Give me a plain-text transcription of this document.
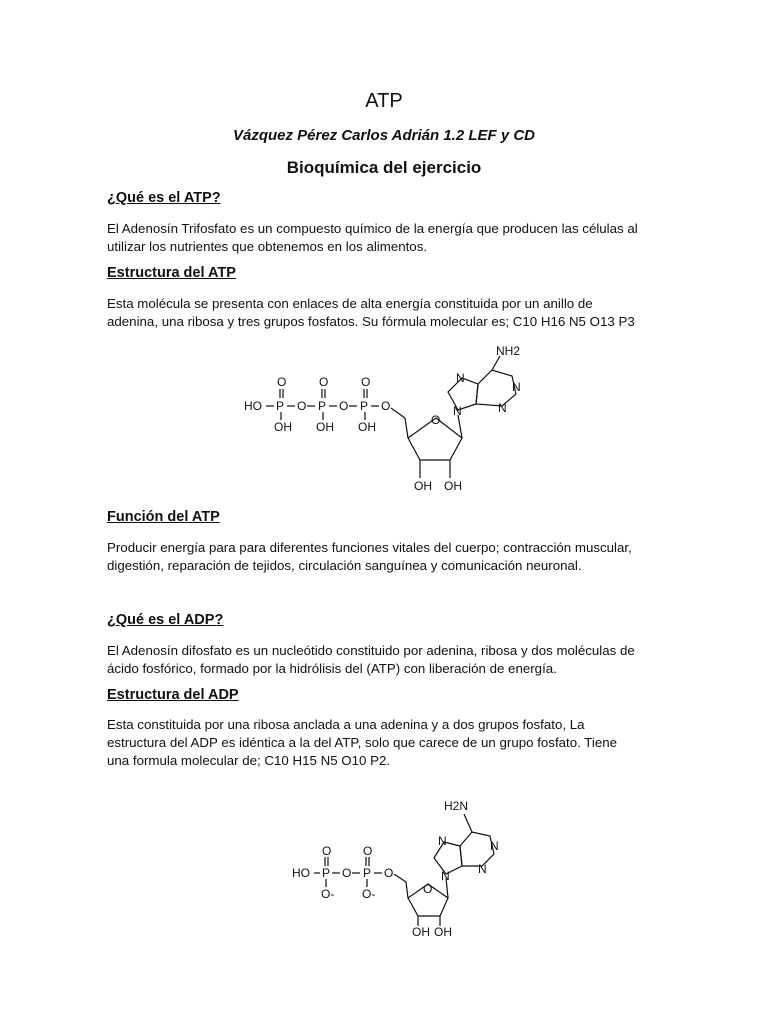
ATP
Vázquez Pérez Carlos Adrián 1.2 LEF y CD
Bioquímica del ejercicio
¿Qué es el ATP?
El Adenosín Trifosfato es un compuesto químico de la energía que producen las células al
utilizar los nutrientes que obtenemos en los alimentos.
Estructura del ATP
Esta molécula se presenta con enlaces de alta energía constituida por un anillo de
adenina, una ribosa y tres grupos fosfatos. Su fórmula molecular es; C10 H16 N5 O13 P3
HO P
O
OH
O P
O
OH
O P
O
OH
O
O
OH OH
N
N
N
N
NH2
Función del ATP
Producir energía para para diferentes funciones vitales del cuerpo; contracción muscular,
digestión, reparación de tejidos, circulación sanguínea y comunicación neuronal.
¿Qué es el ADP?
El Adenosín difosfato es un nucleótido constituido por adenina, ribosa y dos moléculas de
ácido fosfórico, formado por la hidrólisis del (ATP) con liberación de energía.
Estructura del ADP
Esta constituida por una ribosa anclada a una adenina y a dos grupos fosfato, La
estructura del ADP es idéntica a la del ATP, solo que carece de un grupo fosfato. Tiene
una formula molecular de; C10 H15 N5 O10 P2.
HO P
O
O-
O P
O
O-
O
O
OH OH
N
N	N
N
H2N
